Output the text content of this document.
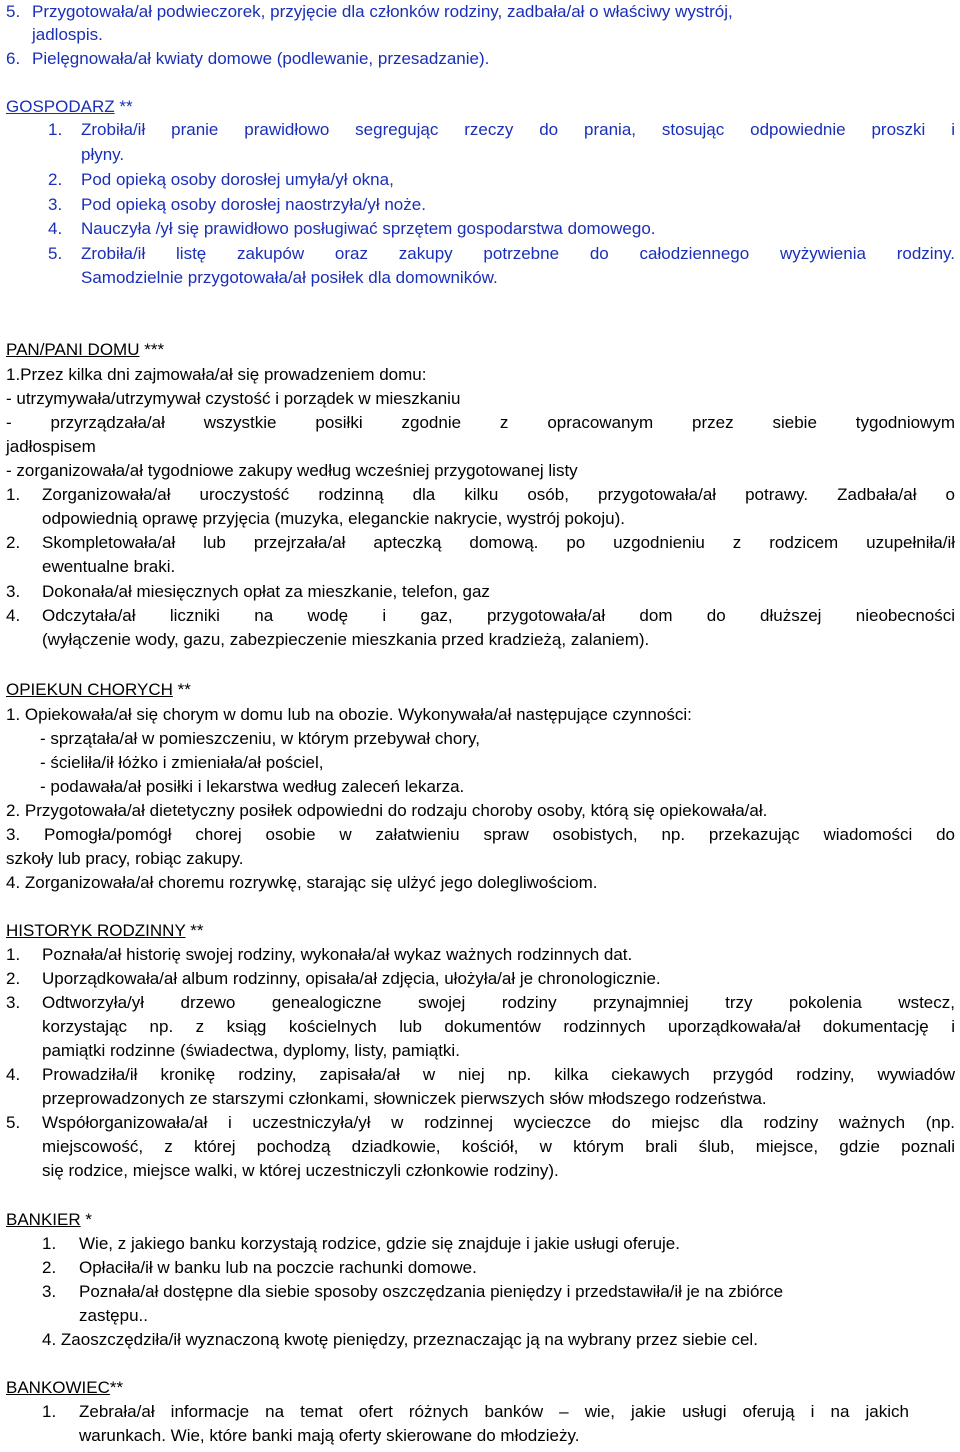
5. Przygotowała/ał podwieczorek, przyjęcie dla członków rodziny, zadbała/ał o właściwy wystrój,
jadlospis.
6. Pielęgnowała/ał kwiaty domowe (podlewanie, przesadzanie).
GOSPODARZ **
1. Zrobiła/ił pranie prawidłowo segregując rzeczy do prania, stosując odpowiednie proszki i
płyny.
2. Pod opieką osoby dorosłej umyła/ył okna,
3. Pod opieką osoby dorosłej naostrzyła/ył noże.
4. Nauczyła /ył się prawidłowo posługiwać sprzętem gospodarstwa domowego.
5. Zrobiła/ił listę zakupów oraz zakupy potrzebne do całodziennego wyżywienia rodziny.
Samodzielnie przygotowała/ał posiłek dla domowników.
PAN/PANI DOMU ***
1.Przez kilka dni zajmowała/ał się prowadzeniem domu:
- utrzymywała/utrzymywał czystość i porządek w mieszkaniu
- przyrządzała/ał wszystkie posiłki zgodnie z opracowanym przez siebie tygodniowym
jadłospisem
- zorganizowała/ał tygodniowe zakupy według wcześniej przygotowanej listy
1. Zorganizowała/ał uroczystość rodzinną dla kilku osób, przygotowała/ał potrawy. Zadbała/ał o
odpowiednią oprawę przyjęcia (muzyka, eleganckie nakrycie, wystrój pokoju).
2. Skompletowała/ał lub przejrzała/ał apteczką domową. po uzgodnieniu z rodzicem uzupełniła/ił
ewentualne braki.
3. Dokonała/ał miesięcznych opłat za mieszkanie, telefon, gaz
4. Odczytała/ał liczniki na wodę i gaz, przygotowała/ał dom do dłuższej nieobecności
(wyłączenie wody, gazu, zabezpieczenie mieszkania przed kradzieżą, zalaniem).
OPIEKUN CHORYCH **
1. Opiekowała/ał się chorym w domu lub na obozie. Wykonywała/ał następujące czynności:
- sprzątała/ał w pomieszczeniu, w którym przebywał chory,
- ścieliła/ił łóżko i zmieniała/ał pościel,
- podawała/ał posiłki i lekarstwa według zaleceń lekarza.
2. Przygotowała/ał dietetyczny posiłek odpowiedni do rodzaju choroby osoby, którą się opiekowała/ał.
3. Pomogła/pomógł chorej osobie w załatwieniu spraw osobistych, np. przekazując wiadomości do
szkoły lub pracy, robiąc zakupy.
4. Zorganizowała/ał choremu rozrywkę, starając się ulżyć jego dolegliwościom.
HISTORYK RODZINNY **
1. Poznała/ał historię swojej rodziny, wykonała/ał wykaz ważnych rodzinnych dat.
2. Uporządkowała/ał album rodzinny, opisała/ał zdjęcia, ułożyła/ał je chronologicznie.
3. Odtworzyła/ył drzewo genealogiczne swojej rodziny przynajmniej trzy pokolenia wstecz,
korzystając np. z ksiąg kościelnych lub dokumentów rodzinnych uporządkowała/ał dokumentację i
pamiątki rodzinne (świadectwa, dyplomy, listy, pamiątki.
4. Prowadziła/ił kronikę rodziny, zapisała/ał w niej np. kilka ciekawych przygód rodziny, wywiadów
przeprowadzonych ze starszymi członkami, słowniczek pierwszych słów młodszego rodzeństwa.
5. Współorganizowała/ał i uczestniczyła/ył w rodzinnej wycieczce do miejsc dla rodziny ważnych (np.
miejscowość, z której pochodzą dziadkowie, kościół, w którym brali ślub, miejsce, gdzie poznali
się rodzice, miejsce walki, w której uczestniczyli członkowie rodziny).
BANKIER *
1. Wie, z jakiego banku korzystają rodzice, gdzie się znajduje i jakie usługi oferuje.
2. Opłaciła/ił w banku lub na poczcie rachunki domowe.
3. Poznała/ał dostępne dla siebie sposoby oszczędzania pieniędzy i przedstawiła/ił je na zbiórce
zastępu..
4. Zaoszczędziła/ił wyznaczoną kwotę pieniędzy, przeznaczając ją na wybrany przez siebie cel.
BANKOWIEC**
1. Zebrała/ał informacje na temat ofert różnych banków – wie, jakie usługi oferują i na jakich
warunkach. Wie, które banki mają oferty skierowane do młodzieży.
